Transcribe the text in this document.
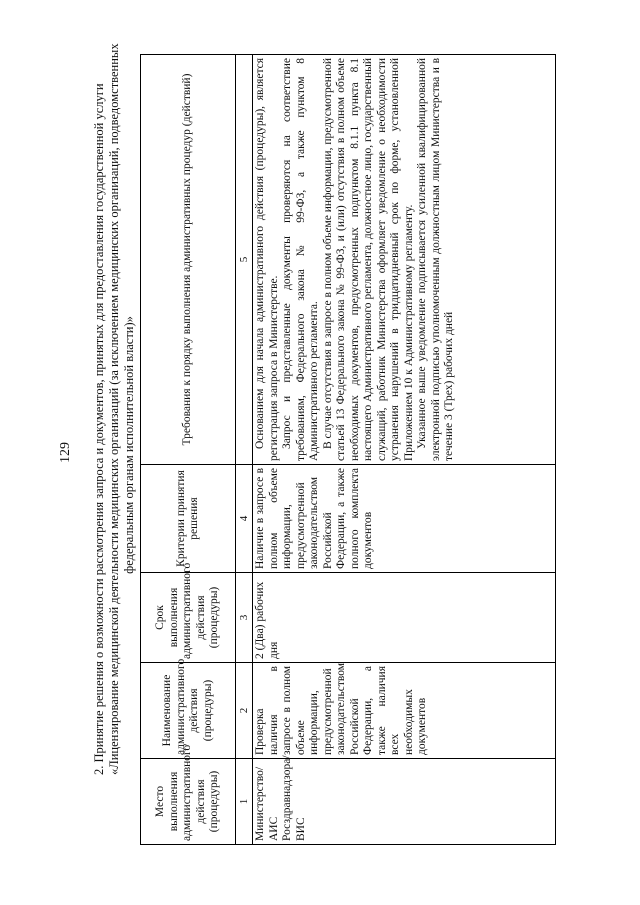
129	2. Принятие решения о возможности рассмотрения запроса и документов, принятых для предоставления государственной услуги «Лицензирование медицинской деятельности медицинских организаций (за исключением медицинских организаций, подведомственных федеральным органам исполнительной власти)»
Место выполнения административного действия (процедуры)	Наименование административного действия (процедуры)	Срок выполнения административного действия (процедуры)	Критерии принятия решения	Требования к порядку выполнения административных процедур (действий)
1	2	3	4	5
Министерство/ АИС Росздравнадзора/ ВИС	Проверка наличия в запросе в полном объеме информации, предусмотренной законодательством Российской Федерации, а также наличия всех необходимых документов	2 (Два) рабочих дня	Наличие в запросе в полном объеме информации, предусмотренной законодательством Российской Федерации, а также полного комплекта документов	Основанием для начала административного действия (процедуры), является регистрация запроса в Министерстве. Запрос и представленные документы проверяются на соответствие требованиям, Федерального закона № 99-ФЗ, а также пунктом 8 Административного регламента. В случае отсутствия в запросе в полном объеме информации, предусмотренной статьей 13 Федерального закона № 99-ФЗ, и (или) отсутствия в полном объеме необходимых документов, предусмотренных подпунктом 8.1.1 пункта 8.1 настоящего Административного регламента, должностное лицо, государственный служащий, работник Министерства оформляет уведомление о необходимости устранения нарушений в тридцатидневный срок по форме, установленной Приложением 10 к Административному регламенту. Указанное выше уведомление подписывается усиленной квалифицированной электронной подписью уполномоченным должностным лицом Министерства и в течение 3 (Трех) рабочих дней
